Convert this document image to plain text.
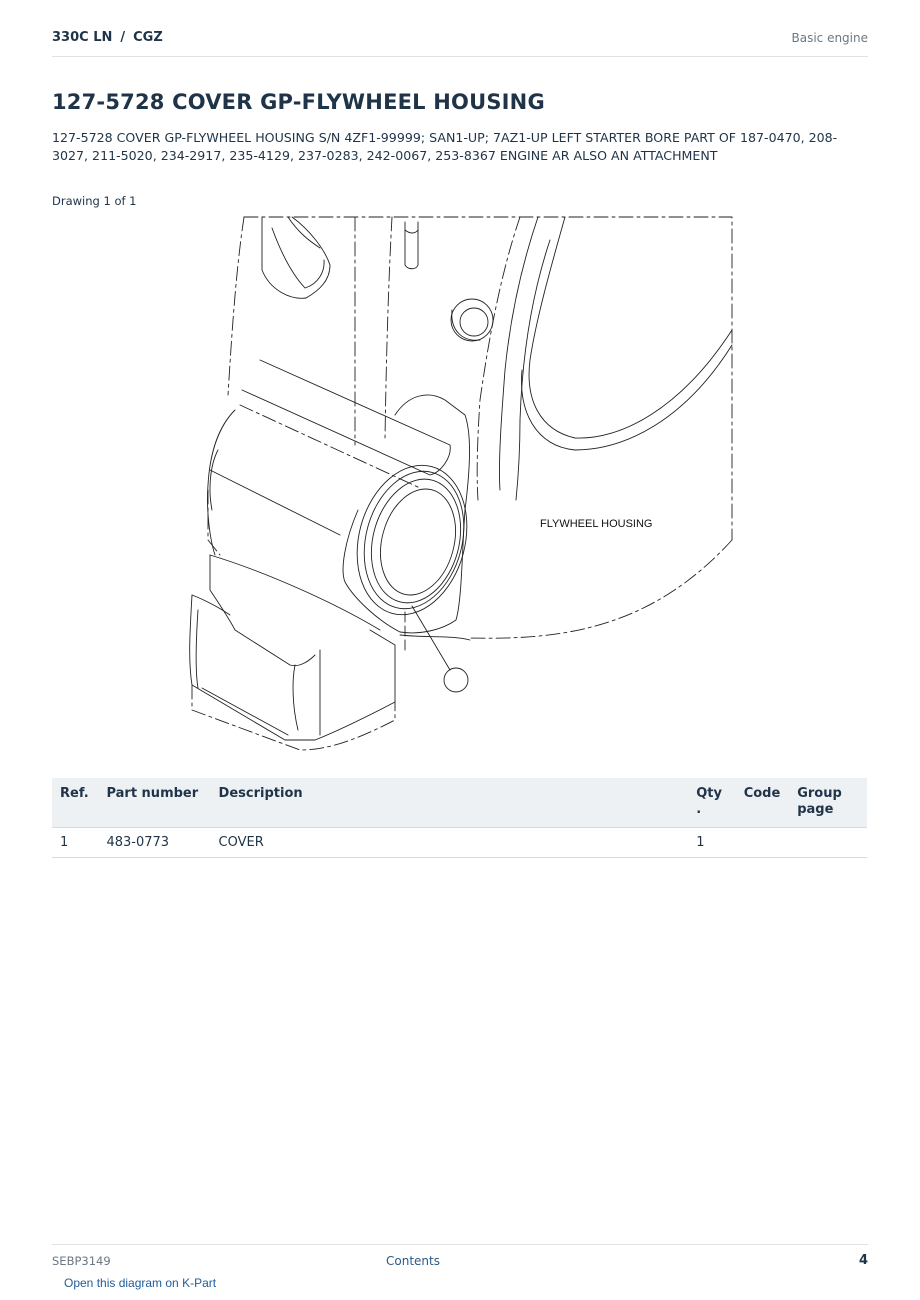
330C LN / CGZ	Basic engine
127-5728 COVER GP-FLYWHEEL HOUSING

127-5728 COVER GP-FLYWHEEL HOUSING S/N 4ZF1-99999; SAN1-UP; 7AZ1-UP LEFT STARTER BORE PART OF 187-0470, 208-3027, 211-5020, 234-2917, 235-4129, 237-0283, 242-0067, 253-8367 ENGINE AR ALSO AN ATTACHMENT

Drawing 1 of 1
FLYWHEEL HOUSING
Ref.	Part number	Description	Qty .	Code	Group page
1	483-0773	COVER	1		
SEBP3149	Contents	4
Open this diagram on K-Part
